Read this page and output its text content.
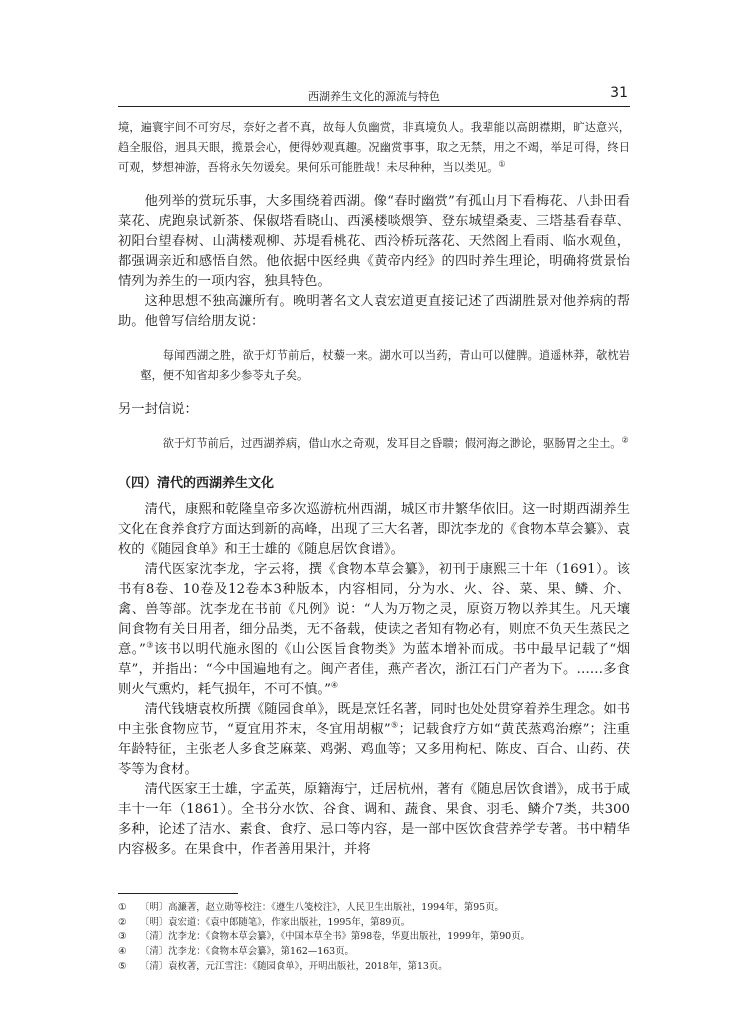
西湖养生文化的源流与特色	31

境，遍寰宇间不可穷尽，奈好之者不真，故每人负幽赏，非真境负人。我辈能以高朗襟期，旷达意兴，趋全服俗，迥具天眼，揽景会心，便得妙观真趣。况幽赏事事，取之无禁，用之不竭，举足可得，终日可观，梦想神游，吾将永矢勿谖矣。果何乐可能胜哉！未尽种种，当以类见。①

他列举的赏玩乐事，大多围绕着西湖。像“春时幽赏”有孤山月下看梅花、八卦田看菜花、虎跑泉试新茶、保俶塔看晓山、西溪楼啖煨笋、登东城望桑麦、三塔基看春草、初阳台望春树、山满楼观柳、苏堤看桃花、西泠桥玩落花、天然阁上看雨、临水观鱼，都强调亲近和感悟自然。他依据中医经典《黄帝内经》的四时养生理论，明确将赏景怡情列为养生的一项内容，独具特色。

这种思想不独高濂所有。晚明著名文人袁宏道更直接记述了西湖胜景对他养病的帮助。他曾写信给朋友说：

每闻西湖之胜，欲于灯节前后，杖藜一来。湖水可以当药，青山可以健脾。逍遥林莽，欹枕岩壑，便不知省却多少参苓丸子矣。

另一封信说：

欲于灯节前后，过西湖养病，借山水之奇观，发耳目之昏聩；假河海之渺论，驱肠胃之尘土。②

（四）清代的西湖养生文化

清代，康熙和乾隆皇帝多次巡游杭州西湖，城区市井繁华依旧。这一时期西湖养生文化在食养食疗方面达到新的高峰，出现了三大名著，即沈李龙的《食物本草会纂》、袁枚的《随园食单》和王士雄的《随息居饮食谱》。

清代医家沈李龙，字云将，撰《食物本草会纂》，初刊于康熙三十年（1691）。该书有8卷、10卷及12卷本3种版本，内容相同，分为水、火、谷、菜、果、鳞、介、禽、兽等部。沈李龙在书前《凡例》说：“人为万物之灵，原资万物以养其生。凡天壤间食物有关日用者，细分品类，无不备载，使读之者知有物必有，则庶不负天生蒸民之意。”③该书以明代施永图的《山公医旨食物类》为蓝本增补而成。书中最早记载了“烟草”，并指出：“今中国遍地有之。闽产者佳，燕产者次，浙江石门产者为下。……多食则火气熏灼，耗气损年，不可不慎。”④

清代钱塘袁枚所撰《随园食单》，既是烹饪名著，同时也处处贯穿着养生理念。如书中主张食物应节，“夏宜用芥末，冬宜用胡椒”⑤；记载食疗方如“黄芪蒸鸡治瘵”；注重年龄特征，主张老人多食芝麻菜、鸡粥、鸡血等；又多用枸杞、陈皮、百合、山药、茯苓等为食材。

清代医家王士雄，字孟英，原籍海宁，迁居杭州，著有《随息居饮食谱》，成书于咸丰十一年（1861）。全书分水饮、谷食、调和、蔬食、果食、羽毛、鳞介7类，共300多种，论述了洁水、素食、食疗、忌口等内容，是一部中医饮食营养学专著。书中精华内容极多。在果食中，作者善用果汁，并将

① 〔明〕高濂著，赵立勋等校注：《遵生八笺校注》，人民卫生出版社，1994年，第95页。

② 〔明〕袁宏道：《袁中郎随笔》，作家出版社，1995年，第89页。

③ 〔清〕沈李龙：《食物本草会纂》，《中国本草全书》第98卷，华夏出版社，1999年，第90页。

④ 〔清〕沈李龙：《食物本草会纂》，第162—163页。

⑤ 〔清〕袁枚著，元江雪注：《随园食单》，开明出版社，2018年，第13页。
